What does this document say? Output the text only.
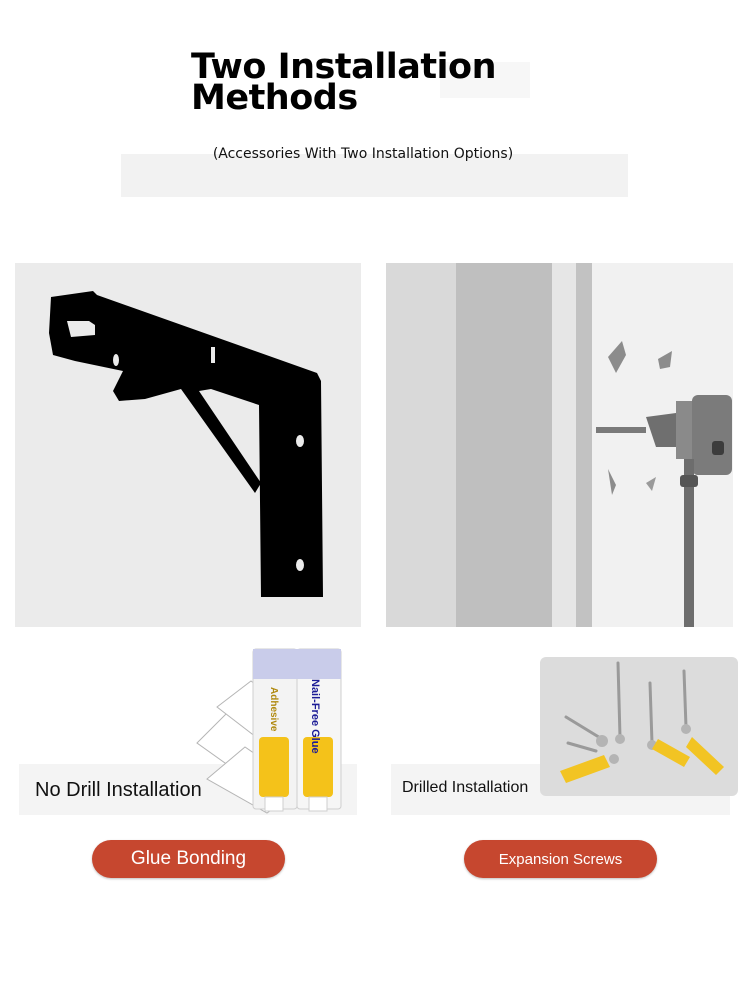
Two Installation Methods
(Accessories With Two Installation Options)
Nail-Free Glue
Adhesive
No Drill Installation	Drilled Installation
Glue Bonding	Expansion Screws
